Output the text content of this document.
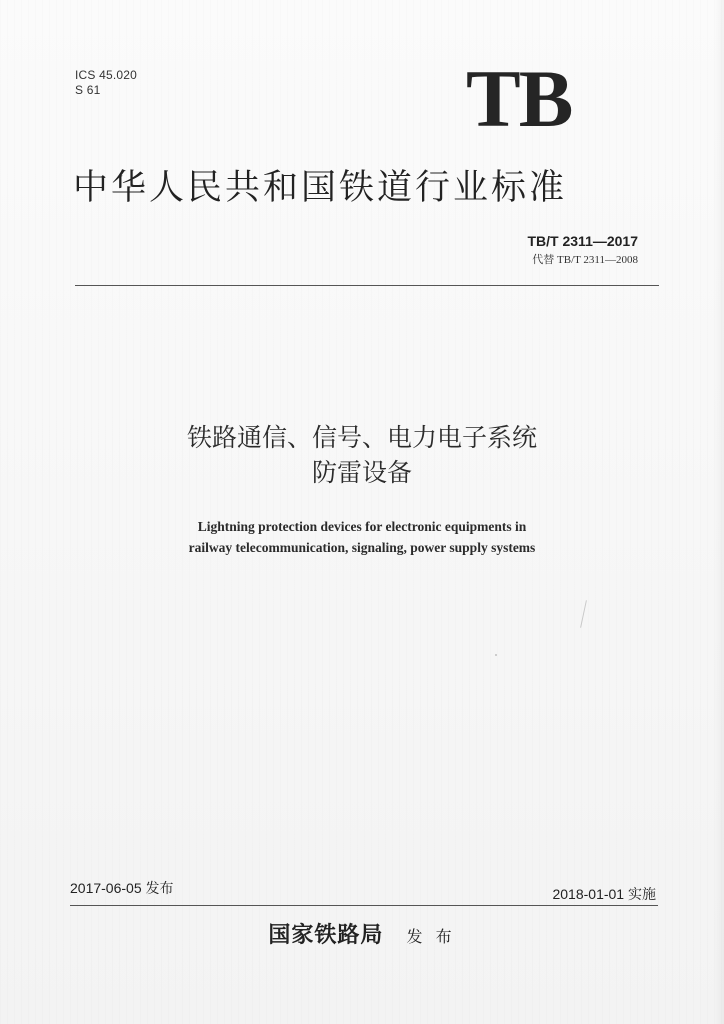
ICS 45.020
S 61	TB
中华人民共和国铁道行业标准
TB/T 2311—2017
代替 TB/T 2311—2008
铁路通信、信号、电力电子系统
防雷设备
Lightning protection devices for electronic equipments in
railway telecommunication, signaling, power supply systems
2017-06-05 发布	2018-01-01 实施
国家铁路局 发 布
